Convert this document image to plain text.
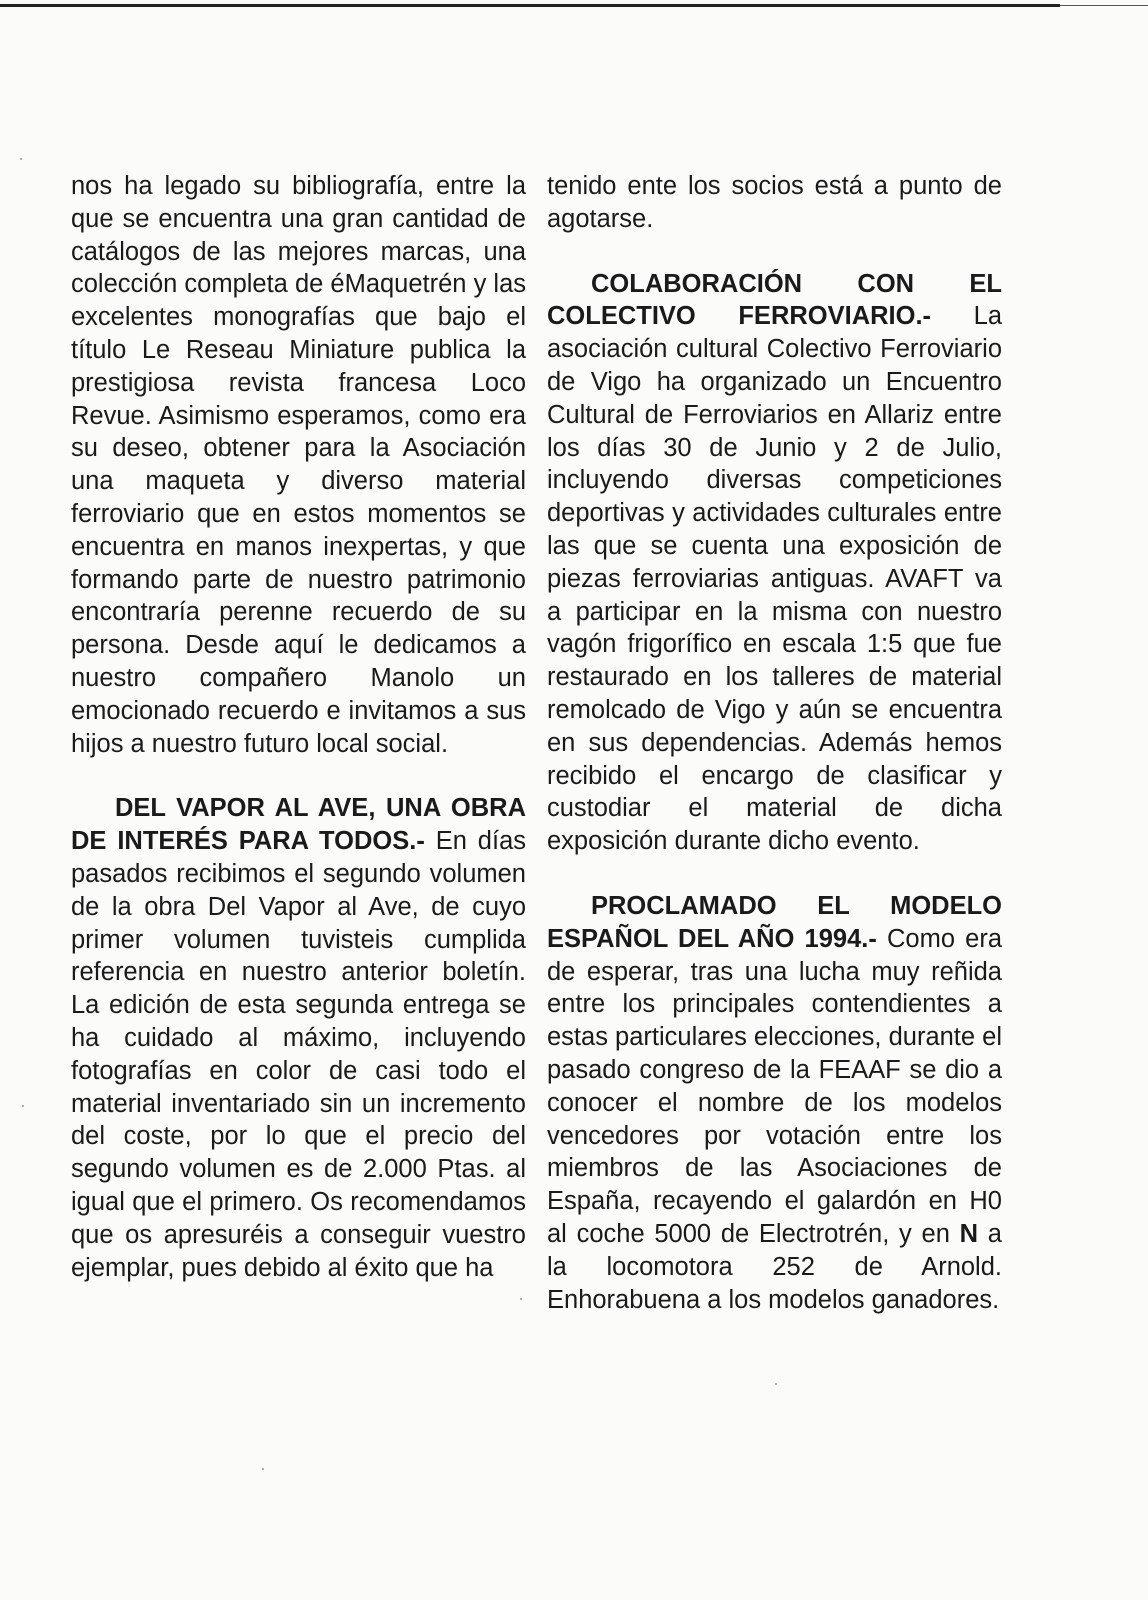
nos ha legado su bibliografía, entre la que se encuentra una gran cantidad de catálogos de las mejores marcas, una colección completa de éMaquetrén y las excelentes monografías que bajo el título Le Reseau Miniature publica la prestigiosa revista francesa Loco Revue. Asimismo esperamos, como era su deseo, obtener para la Asociación una maqueta y diverso material ferroviario que en estos momentos se encuentra en manos inexpertas, y que formando parte de nuestro patrimonio encontraría perenne recuerdo de su persona. Desde aquí le dedicamos a nuestro compañero Manolo un emocionado recuerdo e invitamos a sus hijos a nuestro futuro local social.

DEL VAPOR AL AVE, UNA OBRA DE INTERÉS PARA TODOS.- En días pasados recibimos el segundo volumen de la obra Del Vapor al Ave, de cuyo primer volumen tuvisteis cumplida referencia en nuestro anterior boletín. La edición de esta segunda entrega se ha cuidado al máximo, incluyendo fotografías en color de casi todo el material inventariado sin un incremento del coste, por lo que el precio del segundo volumen es de 2.000 Ptas. al igual que el primero. Os recomendamos que os apresuréis a conseguir vuestro ejemplar, pues debido al éxito que ha

tenido ente los socios está a punto de agotarse.

COLABORACIÓN CON EL COLECTIVO FERROVIARIO.- La asociación cultural Colectivo Ferroviario de Vigo ha organizado un Encuentro Cultural de Ferroviarios en Allariz entre los días 30 de Junio y 2 de Julio, incluyendo diversas competiciones deportivas y actividades culturales entre las que se cuenta una exposición de piezas ferroviarias antiguas. AVAFT va a participar en la misma con nuestro vagón frigorífico en escala 1:5 que fue restaurado en los talleres de material remolcado de Vigo y aún se encuentra en sus dependencias. Además hemos recibido el encargo de clasificar y custodiar el material de dicha exposición durante dicho evento.

PROCLAMADO EL MODELO ESPAÑOL DEL AÑO 1994.- Como era de esperar, tras una lucha muy reñida entre los principales contendientes a estas particulares elecciones, durante el pasado congreso de la FEAAF se dio a conocer el nombre de los modelos vencedores por votación entre los miembros de las Asociaciones de España, recayendo el galardón en H0 al coche 5000 de Electrotrén, y en N a la locomotora 252 de Arnold. Enhorabuena a los modelos ganadores.
